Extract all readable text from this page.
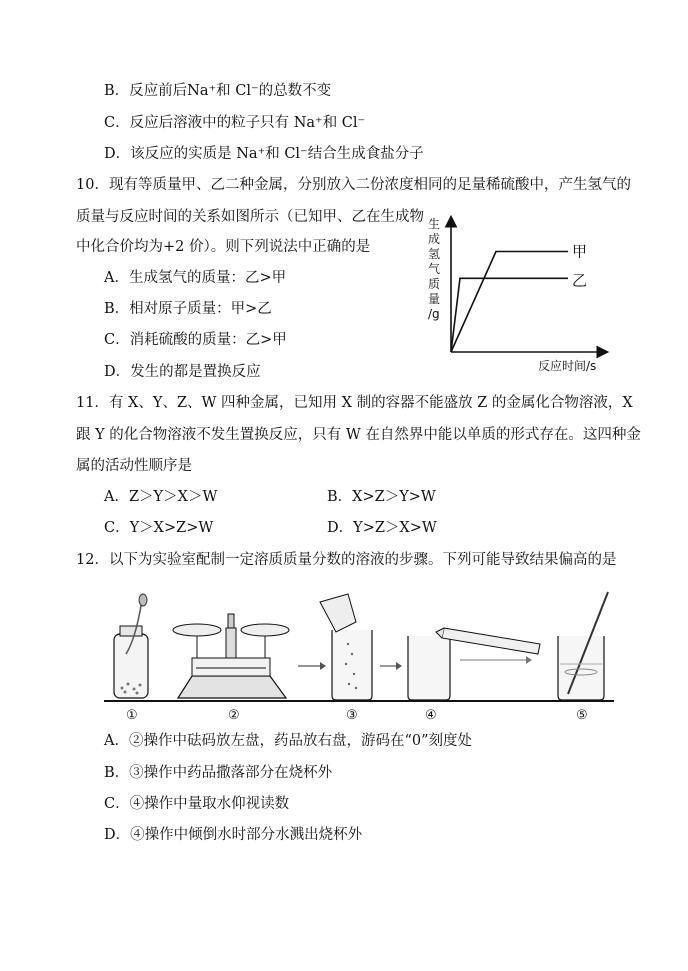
B．反应前后Na⁺和 Cl⁻的总数不变
C．反应后溶液中的粒子只有 Na⁺和 Cl⁻
D．该反应的实质是 Na⁺和 Cl⁻结合生成食盐分子
10．现有等质量甲、乙二种金属，分别放入二份浓度相同的足量稀硫酸中，产生氢气的
质量与反应时间的关系如图所示（已知甲、乙在生成物
中化合价均为+2 价）。则下列说法中正确的是
A．生成氢气的质量：乙>甲
B．相对原子质量：甲>乙
C．消耗硫酸的质量：乙>甲
D．发生的都是置换反应
生
成
氢
气
质
量
/g
甲
乙
反应时间/s
11．有 X、Y、Z、W 四种金属，已知用 X 制的容器不能盛放 Z 的金属化合物溶液，X
跟 Y 的化合物溶液不发生置换反应，只有 W 在自然界中能以单质的形式存在。这四种金
属的活动性顺序是
A．Z＞Y＞X＞W	B．X>Z＞Y>W
C．Y＞X>Z>W	D．Y>Z＞X>W
12．以下为实验室配制一定溶质质量分数的溶液的步骤。下列可能导致结果偏高的是
①	②	③	④	⑤
A．②操作中砝码放左盘，药品放右盘，游码在“0”刻度处
B．③操作中药品撒落部分在烧杯外
C．④操作中量取水仰视读数
D．④操作中倾倒水时部分水溅出烧杯外
